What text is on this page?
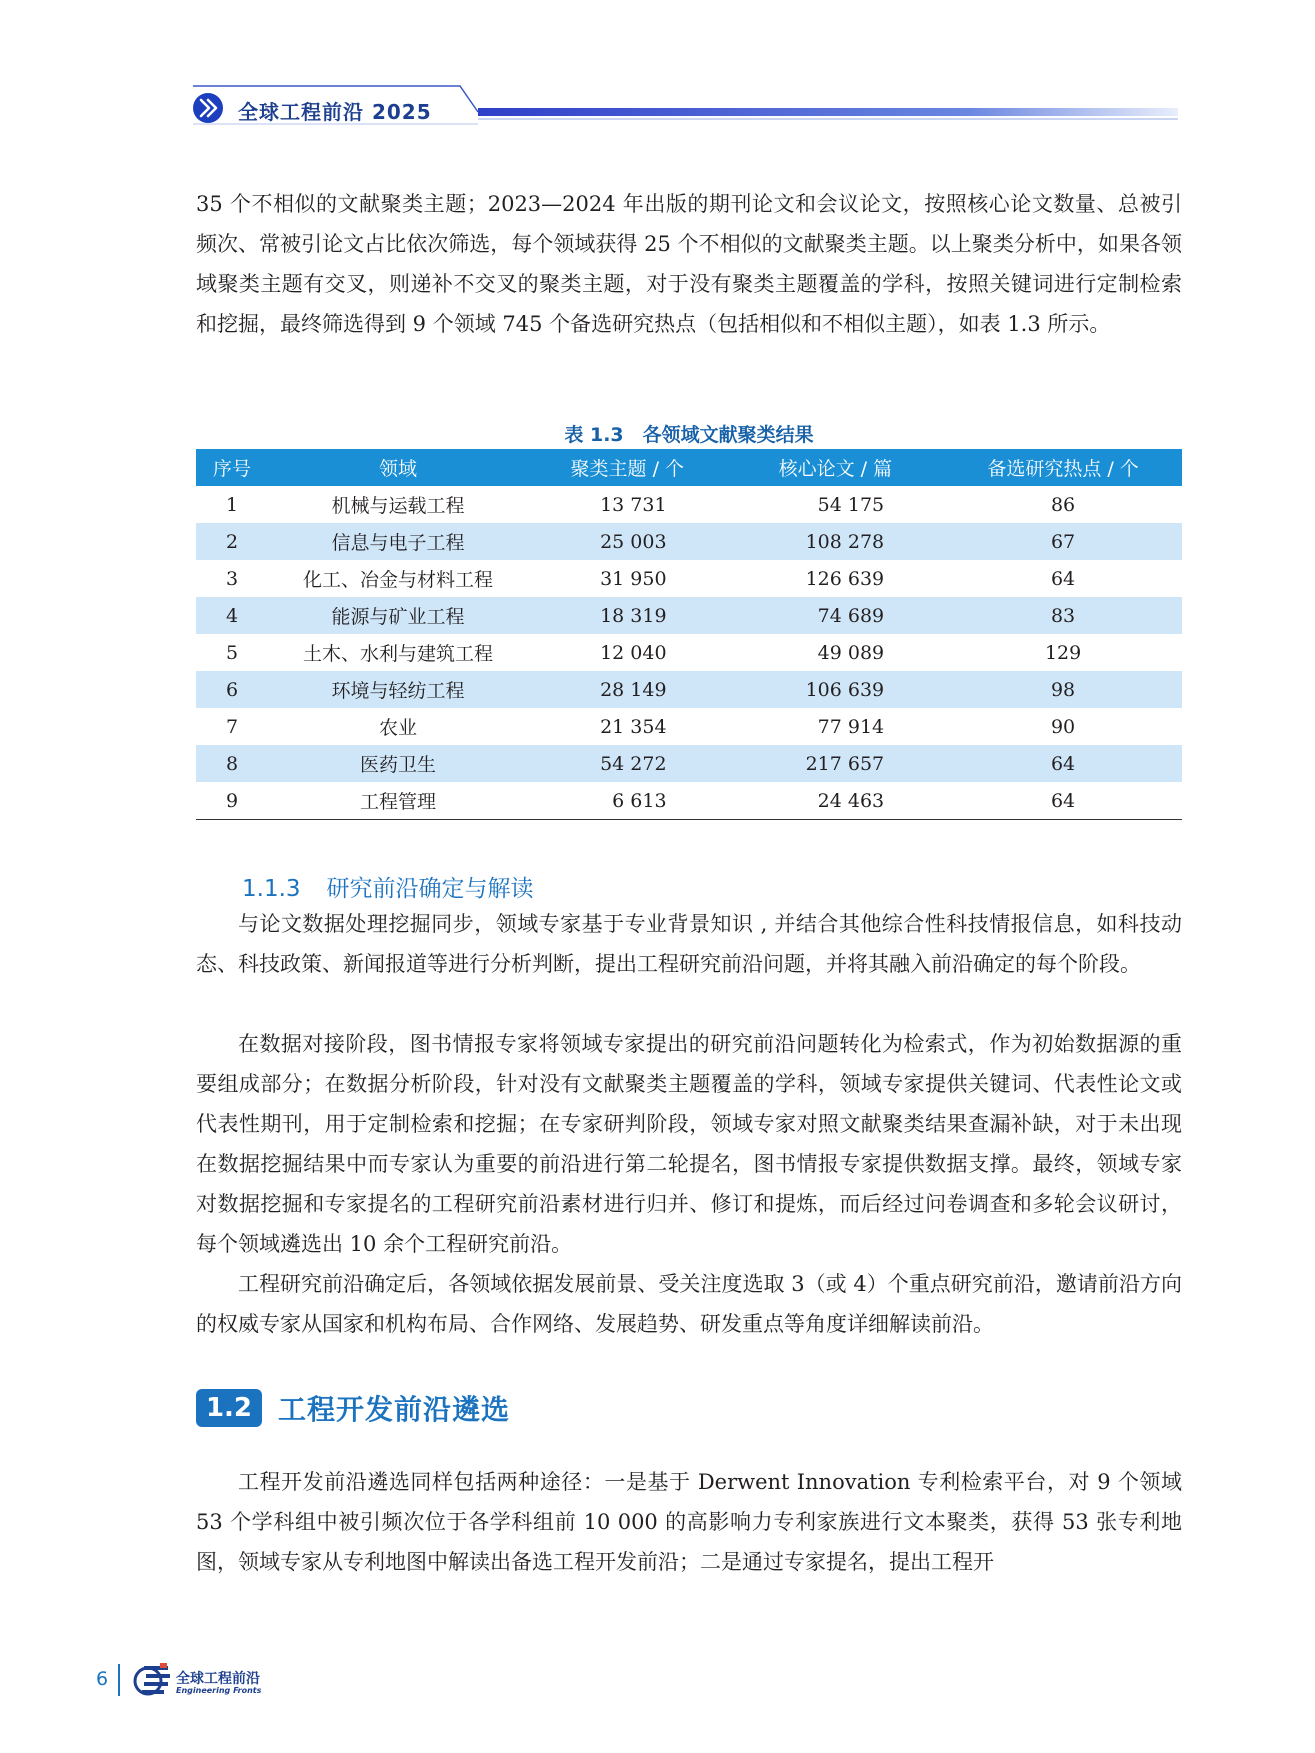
全球工程前沿 2025

35 个不相似的文献聚类主题；2023—2024 年出版的期刊论文和会议论文，按照核心论文数量、总被引频次、常被引论文占比依次筛选，每个领域获得 25 个不相似的文献聚类主题。以上聚类分析中，如果各领域聚类主题有交叉，则递补不交叉的聚类主题，对于没有聚类主题覆盖的学科，按照关键词进行定制检索和挖掘，最终筛选得到 9 个领域 745 个备选研究热点（包括相似和不相似主题），如表 1.3 所示。

表 1.3　各领域文献聚类结果
序号	领域	聚类主题 / 个	核心论文 / 篇	备选研究热点 / 个
1	机械与运载工程	13 731	54 175	86
2	信息与电子工程	25 003	108 278	67
3	化工、冶金与材料工程	31 950	126 639	64
4	能源与矿业工程	18 319	74 689	83
5	土木、水利与建筑工程	12 040	49 089	129
6	环境与轻纺工程	28 149	106 639	98
7	农业	21 354	77 914	90
8	医药卫生	54 272	217 657	64
9	工程管理	6 613	24 463	64
1.1.3 研究前沿确定与解读

与论文数据处理挖掘同步，领域专家基于专业背景知识 , 并结合其他综合性科技情报信息，如科技动态、科技政策、新闻报道等进行分析判断，提出工程研究前沿问题，并将其融入前沿确定的每个阶段。

在数据对接阶段，图书情报专家将领域专家提出的研究前沿问题转化为检索式，作为初始数据源的重要组成部分；在数据分析阶段，针对没有文献聚类主题覆盖的学科，领域专家提供关键词、代表性论文或代表性期刊，用于定制检索和挖掘；在专家研判阶段，领域专家对照文献聚类结果查漏补缺，对于未出现在数据挖掘结果中而专家认为重要的前沿进行第二轮提名，图书情报专家提供数据支撑。最终，领域专家对数据挖掘和专家提名的工程研究前沿素材进行归并、修订和提炼，而后经过问卷调查和多轮会议研讨，每个领域遴选出 10 余个工程研究前沿。

工程研究前沿确定后，各领域依据发展前景、受关注度选取 3（或 4）个重点研究前沿，邀请前沿方向的权威专家从国家和机构布局、合作网络、发展趋势、研发重点等角度详细解读前沿。

1.2 工程开发前沿遴选

工程开发前沿遴选同样包括两种途径：一是基于 Derwent Innovation 专利检索平台，对 9 个领域 53 个学科组中被引频次位于各学科组前 10 000 的高影响力专利家族进行文本聚类，获得 53 张专利地图，领域专家从专利地图中解读出备选工程开发前沿；二是通过专家提名，提出工程开

6	全球工程前沿
Engineering Fronts
